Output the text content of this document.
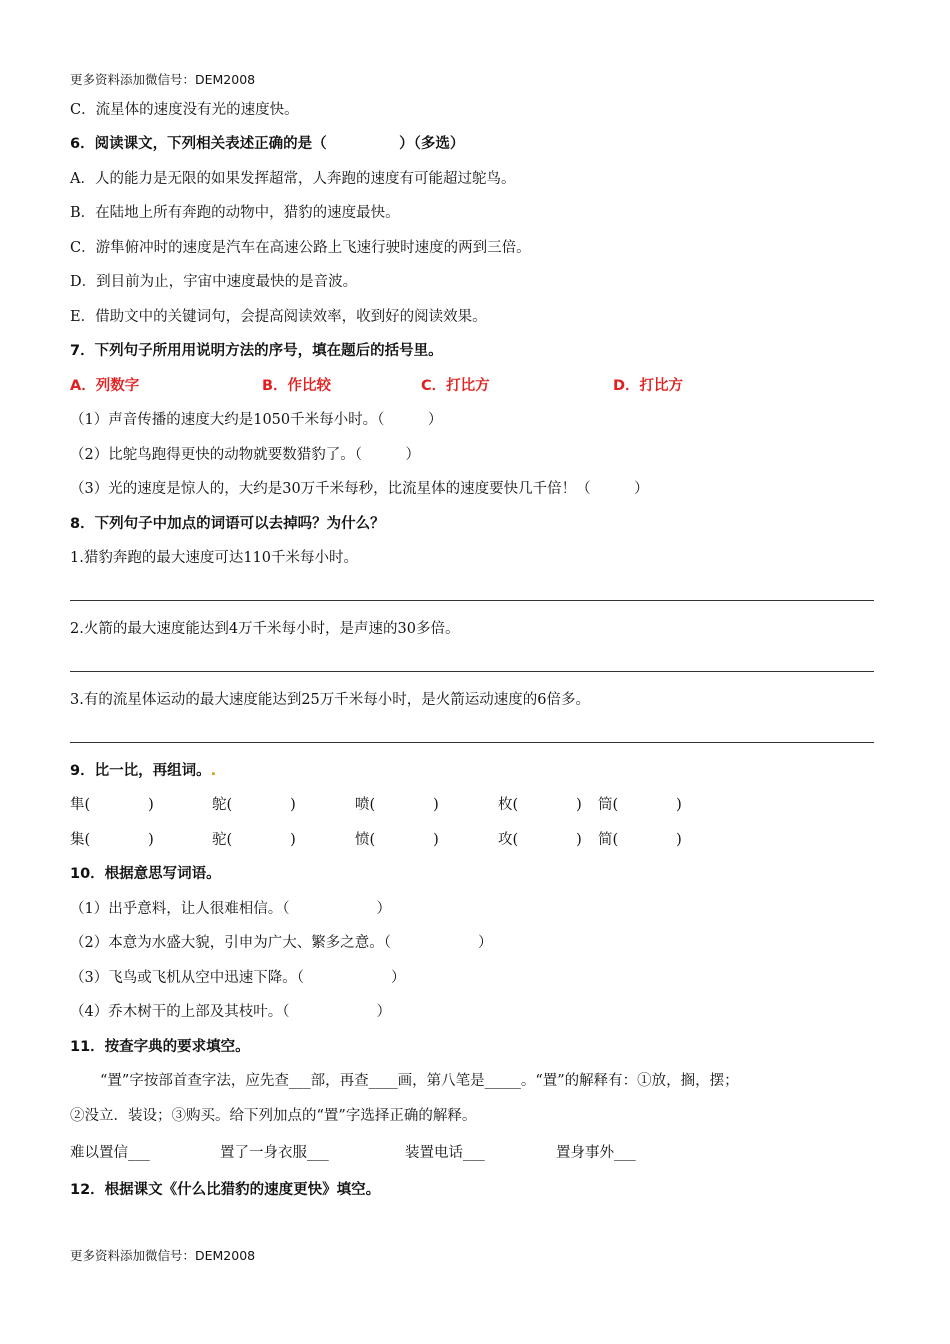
更多资料添加微信号：DEM2008
C．流星体的速度没有光的速度快。
6．阅读课文，下列相关表述正确的是（　　　　　）（多选）
A．人的能力是无限的如果发挥超常，人奔跑的速度有可能超过鸵鸟。
B．在陆地上所有奔跑的动物中，猎豹的速度最快。
C．游隼俯冲时的速度是汽车在高速公路上飞速行驶时速度的两到三倍。
D．到目前为止，宇宙中速度最快的是音波。
E．借助文中的关键词句，会提高阅读效率，收到好的阅读效果。
7．下列句子所用用说明方法的序号，填在题后的括号里。
A．列数字	B．作比较	C．打比方	D．打比方
（1）声音传播的速度大约是1050千米每小时。（　　　）
（2）比鸵鸟跑得更快的动物就要数猎豹了。（　　　）
（3）光的速度是惊人的，大约是30万千米每秒，比流星体的速度要快几千倍！（　　　）
8．下列句子中加点的词语可以去掉吗？为什么？
1.猎豹奔跑的最大速度可达110千米每小时。
2.火箭的最大速度能达到4万千米每小时，是声速的30多倍。
3.有的流星体运动的最大速度能达到25万千米每小时，是火箭运动速度的6倍多。
9．比一比，再组词。.
隼(　　　　)	鸵(　　　　)	喷(　　　　)	枚(　　　　) 筒(　　　　)
集(　　　　)	驼(　　　　)	愤(　　　　)	攻(　　　　) 简(　　　　)
10．根据意思写词语。
（1）出乎意料，让人很难相信。（　　　　　　）
（2）本意为水盛大貌，引申为广大、繁多之意。（　　　　　　）
（3）飞鸟或飞机从空中迅速下降。（　　　　　　）
（4）乔木树干的上部及其枝叶。（　　　　　　）
11．按查字典的要求填空。
“置”字按部首查字法，应先查___部，再查____画，第八笔是_____。“置”的解释有：①放，搁，摆；
②没立．装设；③购买。给下列加点的“置”字选择正确的解释。
难以置信___	置了一身衣服___	装置电话___	置身事外___
12．根据课文《什么比猎豹的速度更快》填空。
更多资料添加微信号：DEM2008
